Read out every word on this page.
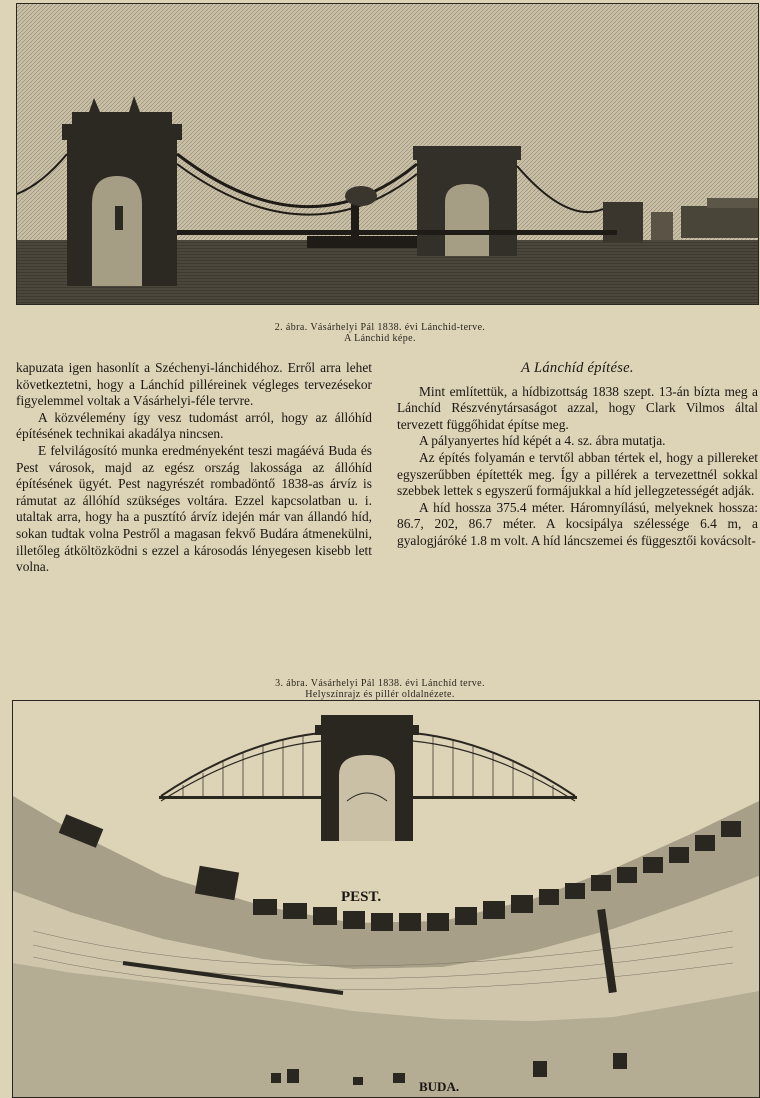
2. ábra. Vásárhelyi Pál 1838. évi Lánchid-terve.
A Lánchid képe.

kapuzata igen hasonlít a Széchenyi-lánchidéhoz. Erről arra lehet következtetni, hogy a Lánchíd pilléreinek végleges tervezésekor figyelemmel voltak a Vásárhelyi-féle tervre.

A közvélemény így vesz tudomást arról, hogy az állóhíd építésének technikai akadálya nincsen.

E felvilágosító munka eredményeként teszi magáévá Buda és Pest városok, majd az egész ország lakossága az állóhíd építésének ügyét. Pest nagyrészét rombadöntő 1838-as árvíz is rámutat az állóhíd szükséges voltára. Ezzel kapcsolatban u. i. utaltak arra, hogy ha a pusztító árvíz idején már van állandó híd, sokan tudtak volna Pestről a magasan fekvő Budára átmenekülni, illetőleg átköltözködni s ezzel a károsodás lényegesen kisebb lett volna.

A Lánchíd építése.

Mint említettük, a hídbizottság 1838 szept. 13-án bízta meg a Lánchíd Részvénytársaságot azzal, hogy Clark Vilmos által tervezett függőhidat építse meg.

A pályanyertes híd képét a 4. sz. ábra mutatja.

Az építés folyamán e tervtől abban tértek el, hogy a pillereket egyszerűbben építették meg. Így a pillérek a tervezettnél sokkal szebbek lettek s egyszerű formájukkal a híd jellegzetességét adják.

A híd hossza 375.4 méter. Háromnyílású, melyeknek hossza: 86.7, 202, 86.7 méter. A kocsipálya szélessége 6.4 m, a gyalogjáróké 1.8 m volt. A híd láncszemei és függesztői kovácsolt-

3. ábra. Vásárhelyi Pál 1838. évi Lánchíd terve.
Helyszínrajz és pillér oldalnézete.
PEST.
BUDA.
